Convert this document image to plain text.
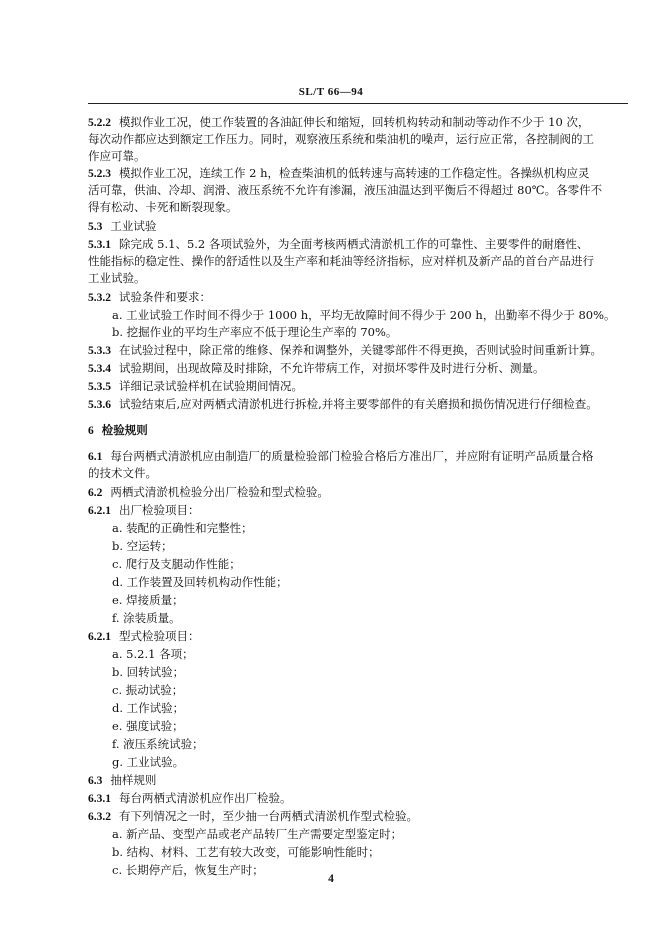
SL/T 66—94
5.2.2 模拟作业工况，使工作装置的各油缸伸长和缩短，回转机构转动和制动等动作不少于 10 次，
每次动作都应达到额定工作压力。同时，观察液压系统和柴油机的噪声，运行应正常，各控制阀的工
作应可靠。
5.2.3 模拟作业工况，连续工作 2 h，检查柴油机的低转速与高转速的工作稳定性。各操纵机构应灵
活可靠，供油、冷却、润滑、液压系统不允许有渗漏，液压油温达到平衡后不得超过 80℃。各零件不
得有松动、卡死和断裂现象。
5.3 工业试验
5.3.1 除完成 5.1、5.2 各项试验外，为全面考核两栖式清淤机工作的可靠性、主要零件的耐磨性、
性能指标的稳定性、操作的舒适性以及生产率和耗油等经济指标，应对样机及新产品的首台产品进行
工业试验。
5.3.2 试验条件和要求：
a. 工业试验工作时间不得少于 1000 h，平均无故障时间不得少于 200 h，出勤率不得少于 80%。
b. 挖掘作业的平均生产率应不低于理论生产率的 70%。
5.3.3 在试验过程中，除正常的维修、保养和调整外，关键零部件不得更换，否则试验时间重新计算。
5.3.4 试验期间，出现故障及时排除，不允许带病工作，对损坏零件及时进行分析、测量。
5.3.5 详细记录试验样机在试验期间情况。
5.3.6 试验结束后,应对两栖式清淤机进行拆检,并将主要零部件的有关磨损和损伤情况进行仔细检查。
6 检验规则
6.1 每台两栖式清淤机应由制造厂的质量检验部门检验合格后方准出厂，并应附有证明产品质量合格
的技术文件。
6.2 两栖式清淤机检验分出厂检验和型式检验。
6.2.1 出厂检验项目：
a. 装配的正确性和完整性；
b. 空运转；
c. 爬行及支腿动作性能；
d. 工作装置及回转机构动作性能；
e. 焊接质量；
f. 涂装质量。
6.2.1 型式检验项目：
a. 5.2.1 各项；
b. 回转试验；
c. 振动试验；
d. 工作试验；
e. 强度试验；
f. 液压系统试验；
g. 工业试验。
6.3 抽样规则
6.3.1 每台两栖式清淤机应作出厂检验。
6.3.2 有下列情况之一时，至少抽一台两栖式清淤机作型式检验。
a. 新产品、变型产品或老产品转厂生产需要定型鉴定时；
b. 结构、材料、工艺有较大改变，可能影响性能时；
c. 长期停产后，恢复生产时；
4
